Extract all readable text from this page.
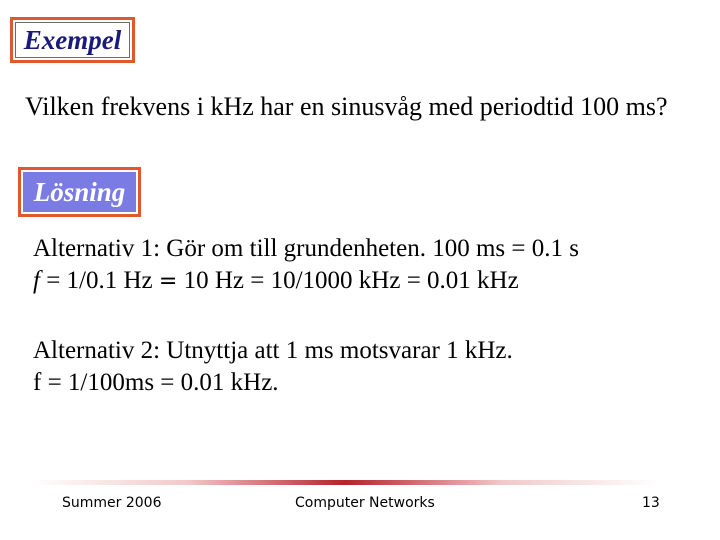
Exempel
Vilken frekvens i kHz har en sinusvåg med periodtid 100 ms?
Lösning
Alternativ 1: Gör om till grundenheten. 100 ms = 0.1 s
f = 1/0.1 Hz = 10 Hz = 10/1000 kHz = 0.01 kHz
Alternativ 2: Utnyttja att 1 ms motsvarar 1 kHz.
f = 1/100ms = 0.01 kHz.
Summer 2006	Computer Networks	13
